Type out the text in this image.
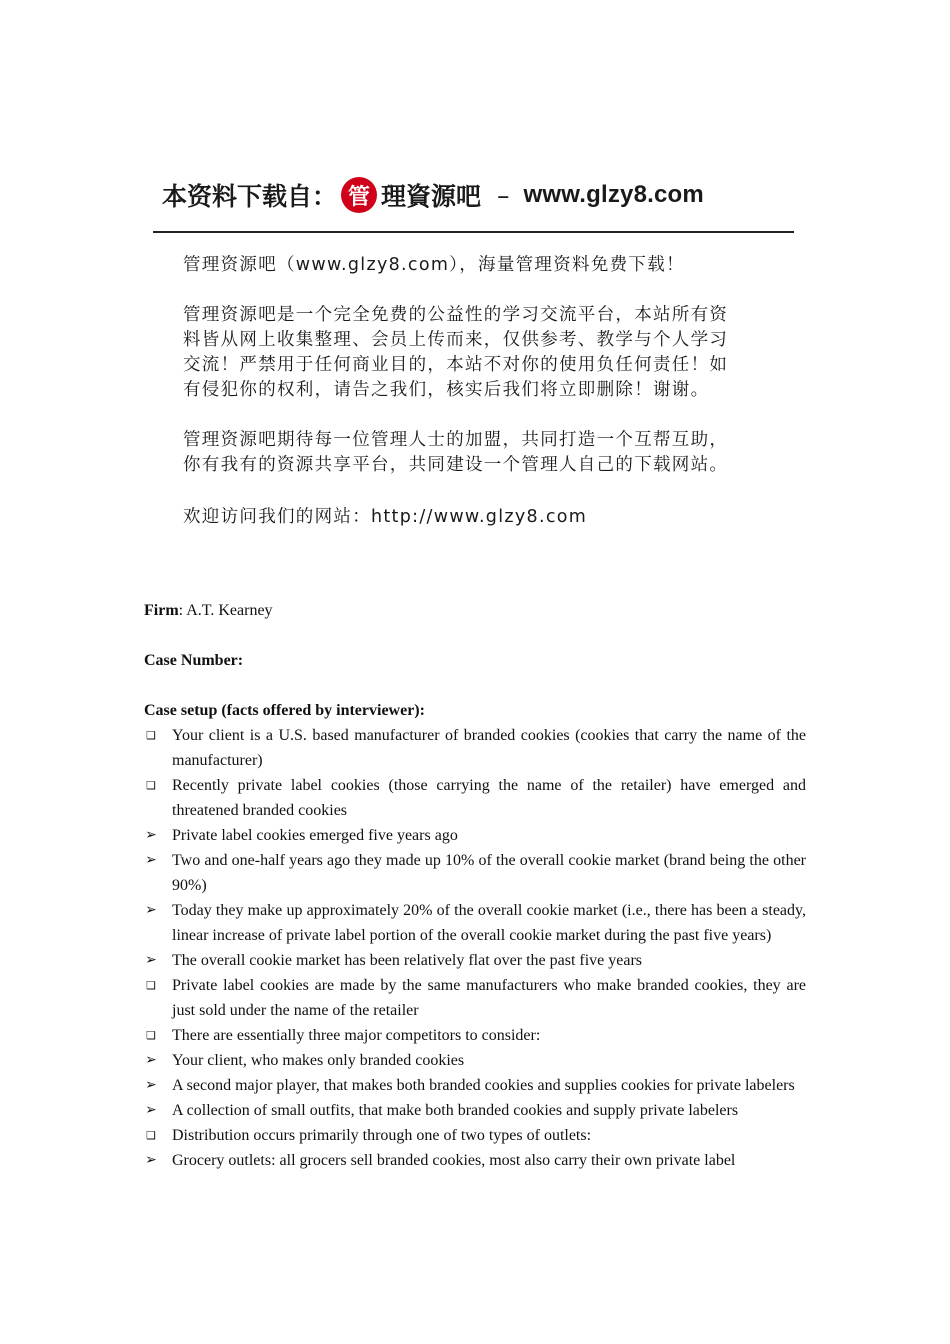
本资料下载自： 管 理資源吧 – www.glzy8.com

管理资源吧（www.glzy8.com），海量管理资料免费下载！

管理资源吧是一个完全免费的公益性的学习交流平台，本站所有资
料皆从网上收集整理、会员上传而来，仅供参考、教学与个人学习
交流！严禁用于任何商业目的，本站不对你的使用负任何责任！如
有侵犯你的权利，请告之我们，核实后我们将立即删除！谢谢。

管理资源吧期待每一位管理人士的加盟，共同打造一个互帮互助，
你有我有的资源共享平台，共同建设一个管理人自己的下载网站。

欢迎访问我们的网站：http://www.glzy8.com

Firm: A.T. Kearney

Case Number:

Case setup (facts offered by interviewer):

❏ Your client is a U.S. based manufacturer of branded cookies (cookies that carry the name of the manufacturer)
❏ Recently private label cookies (those carrying the name of the retailer) have emerged and threatened branded cookies
➢ Private label cookies emerged five years ago
➢ Two and one-half years ago they made up 10% of the overall cookie market (brand being the other 90%)
➢ Today they make up approximately 20% of the overall cookie market (i.e., there has been a steady, linear increase of private label portion of the overall cookie market during the past five years)
➢ The overall cookie market has been relatively flat over the past five years
❏ Private label cookies are made by the same manufacturers who make branded cookies, they are just sold under the name of the retailer
❏ There are essentially three major competitors to consider:
➢ Your client, who makes only branded cookies
➢ A second major player, that makes both branded cookies and supplies cookies for private labelers
➢ A collection of small outfits, that make both branded cookies and supply private labelers
❏ Distribution occurs primarily through one of two types of outlets:
➢ Grocery outlets: all grocers sell branded cookies, most also carry their own private label
